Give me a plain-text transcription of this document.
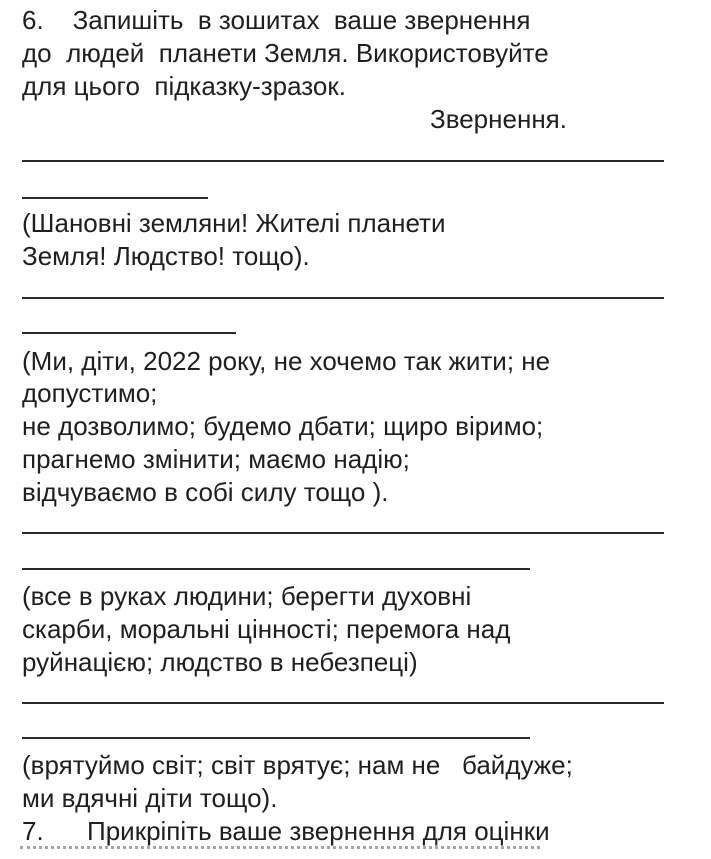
6.    Запишіть  в зошитах  ваше звернення
до  людей  планети Земля. Використовуйте
для цього  підказку-зразок.
Звернення.
(Шановні земляни! Жителі планети
Земля! Людство! тощо).
(Ми, діти, 2022 року, не хочемо так жити; не
допустимо;
не дозволимо; будемо дбати; щиро віримо;
прагнемо змінити; маємо надію;
відчуваємо в собі силу тощо ).
(все в руках людини; берегти духовні
скарби, моральні цінності; перемога над
руйнацією; людство в небезпеці)
(врятуймо світ; світ врятує; нам не   байдуже;
ми вдячні діти тощо).
7.      Прикріпіть ваше звернення для оцінки
